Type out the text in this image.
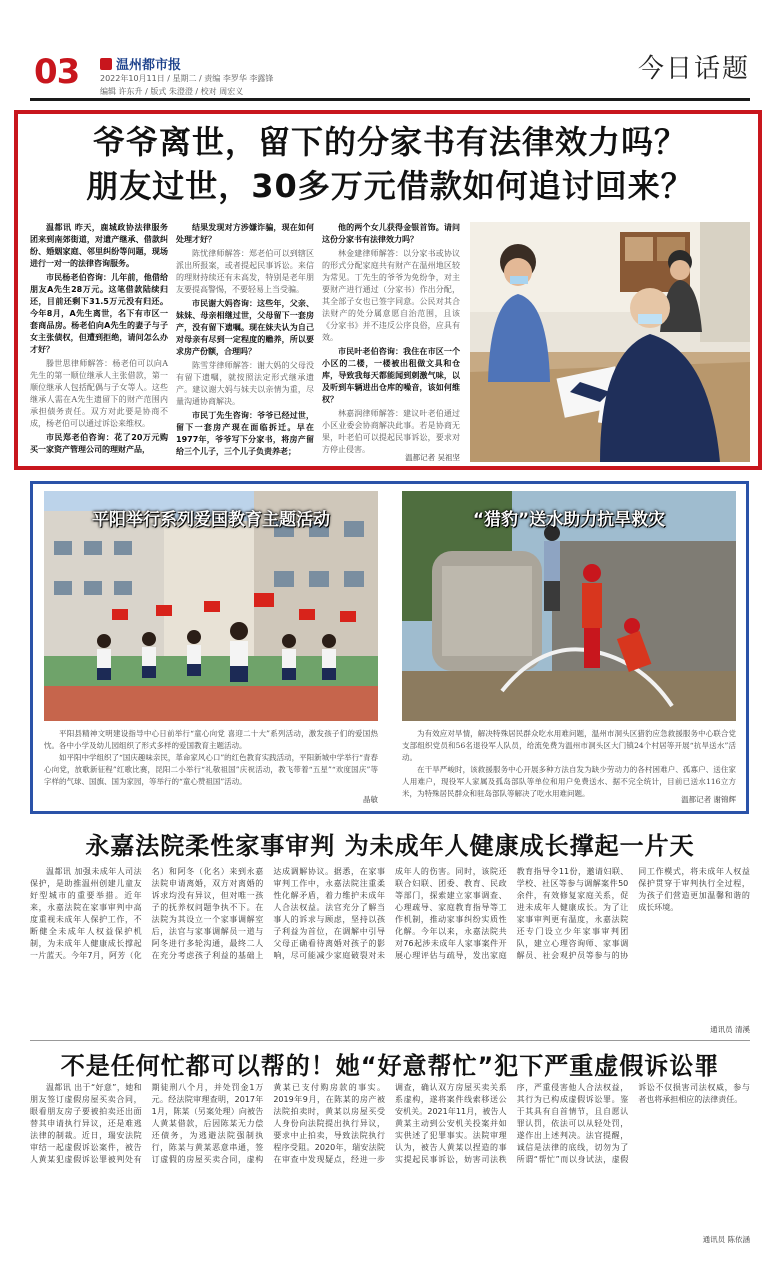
03	温州都市报
2022年10月11日 / 星期二 / 责编 李罗华 李露锋
编辑 许东升 / 版式 朱澄澄 / 校对 周宏义
今日话题
爷爷离世，留下的分家书有法律效力吗？
朋友过世，30多万元借款如何追讨回来？

温都讯 昨天，鹿城政协法律服务团来到南郊街道，对遗产继承、借款纠纷、婚姻家庭、邻里纠纷等问题，现场进行一对一的法律咨询服务。

市民杨老伯咨询：儿年前，他借给朋友A先生28万元。这笔借款陆续归还，目前还剩下31.5万元没有归还。今年8月，A先生离世，名下有市区一套商品房。杨老伯向A先生的妻子与子女主张债权，但遭到拒绝，请问怎么办才好？

滕世思律师解答：杨老伯可以向A先生的第一顺位继承人主张借款，第一顺位继承人包括配偶与子女等人。这些继承人需在A先生遗留下的财产范围内承担债务责任。双方对此要是协商不成，杨老伯可以通过诉讼来维权。

市民郑老伯咨询：花了20万元购买一家资产管理公司的理财产品，

结果发现对方涉嫌诈骗，现在如何处理才好？

陈忧律师解答：郑老伯可以到辖区派出所报案，或者提起民事诉讼。来信的理财持续还有未高发，特别是老年朋友要提高警惕，不要轻易上当受骗。

市民谢大妈咨询：这些年，父亲、妹妹、母亲相继过世，父母留下一套房产，没有留下遗嘱。现在妹夫认为自己对母亲有尽到一定程度的赡养，所以要求房产份额，合理吗？

陈雪芽律师解答：谢大妈的父母没有留下遗嘱，就按照法定形式继承遗产。建议谢大妈与妹夫以亲情为重，尽量沟通协商解决。

市民丁先生咨询：爷爷已经过世，留下一套房产现在面临拆迁。早在1977年，爷爷写下分家书，将房产留给三个儿子，三个儿子负责养老；

他的两个女儿获得金银首饰。请问这份分家书有法律效力吗？

林金建律师解答：以分家书或协议的形式分配家庭共有财产在温州地区较为常见。丁先生的爷爷为免纷争，对主要财产进行通过（分家书）作出分配，其全部子女也已签字同意。公民对其合法财产的处分属意愿自治范围，且该《分家书》并不违反公序良俗，应具有效。

市民叶老伯咨询：我住在市区一个小区的二楼，一楼被出租做文具和仓库，导致我每天都能闻到刺激气味，以及听到车辆进出仓库的噪音，该如何维权？

林嘉润律师解答：建议叶老伯通过小区业委会协商解决此事。若是协商无果，叶老伯可以提起民事诉讼，要求对方停止侵害。

温都记者 吴祖坚
平阳举行系列爱国教育主题活动

平阳县精神文明建设指导中心日前举行“童心向党 喜迎二十大”系列活动，激发孩子们的爱国热忱。各中小学及幼儿园组织了形式多样的爱国教育主题活动。

如平阳中学组织了“国庆趣味亲民，革命家风心口”的红色教育实践活动，平阳新城中学举行“青春心向党，放歌新征程”红歌比赛，昆阳二小举行“礼敬祖国”庆祝活动，教飞带着“五星”“欢度国庆”等字样的气球、国旗、国为家园，等举行的“童心赞祖国”活动。

晶敏
“猎豹”送水助力抗旱救灾

为有效应对旱情，解决特殊居民群众吃水用难问题，温州市洞头区猎豹应急救援服务中心联合党支部组织党员和56名退役军人队员，给流免费为温州市洞头区大门镇24个村居等开展“抗旱送水”活动。

在干旱严峻时，该救援服务中心开展多种方法自发为缺少劳动力的各村困难户、孤寡户、送住家人用难户，现役军人家属及孤岛部队等单位和用户免费送水、据不完全统计，目前已送水116立方米，为特殊居民群众和驻岛部队等解决了吃水用难问题。

温都记者 谢锦辉
永嘉法院柔性家事审判 为未成年人健康成长撑起一片天

温都讯 加强未成年人司法保护，是助推温州创建儿童友好型城市的重要举措。近年来，永嘉法院在家事审判中高度重视未成年人保护工作，不断健全未成年人权益保护机制，为未成年人健康成长撑起一片蓝天。今年7月，阿芳（化名）和阿冬（化名）来到永嘉法院申请离婚，双方对离婚的诉求均没有异议，但对唯一孩子的抚养权问题争执不下。在法院为其设立一个家事调解室后，法官与家事调解员一道与阿冬进行多轮沟通，最终二人在充分考虑孩子利益的基础上达成调解协议。据悉，在家事审判工作中，永嘉法院注重柔性化解矛盾，着力维护未成年人合法权益。法官充分了解当事人的诉求与顾虑，坚持以孩子利益为首位，在调解中引导父母正确看待离婚对孩子的影响，尽可能减少家庭破裂对未成年人的伤害。同时，该院还联合妇联、团委、教育、民政等部门，探索建立家事调查、心理疏导、家庭教育指导等工作机制，推动家事纠纷实质性化解。今年以来，永嘉法院共对76起涉未成年人家事案件开展心理评估与疏导，发出家庭教育指导令11份，邀请妇联、学校、社区等参与调解案件50余件，有效修复家庭关系，促进未成年人健康成长。为了让家事审判更有温度，永嘉法院还专门设立少年家事审判团队，建立心理咨询师、家事调解员、社会观护员等参与的协同工作模式，将未成年人权益保护贯穿于审判执行全过程，为孩子们营造更加温馨和谐的成长环境。

通讯员 清溪
不是任何忙都可以帮的！她“好意帮忙”犯下严重虚假诉讼罪

温都讯 出于“好意”，她和朋友签订虚假房屋买卖合同，眼看朋友房子要被拍卖还出面替其申请执行异议，还是难逃法律的制裁。近日，瑞安法院审结一起虚假诉讼案件，被告人黄某犯虚假诉讼罪被判处有期徒刑八个月，并处罚金1万元。经法院审理查明，2017年1月，陈某（另案处理）向被告人黄某借款，后因陈某无力偿还债务，为逃避法院强制执行，陈某与黄某恶意串通，签订虚假的房屋买卖合同，虚构黄某已支付购房款的事实。2019年9月，在陈某的房产被法院拍卖时，黄某以房屋买受人身份向法院提出执行异议，要求中止拍卖，导致法院执行程序受阻。2020年，瑞安法院在审查中发现疑点，经进一步调查，确认双方房屋买卖关系系虚构，遂将案件线索移送公安机关。2021年11月，被告人黄某主动到公安机关投案并如实供述了犯罪事实。法院审理认为，被告人黄某以捏造的事实提起民事诉讼，妨害司法秩序，严重侵害他人合法权益，其行为已构成虚假诉讼罪。鉴于其具有自首情节，且自愿认罪认罚，依法可以从轻处罚，遂作出上述判决。法官提醒，诚信是法律的底线，切勿为了所谓“帮忙”而以身试法，虚假诉讼不仅损害司法权威，参与者也将承担相应的法律责任。

通讯员 陈依涵
